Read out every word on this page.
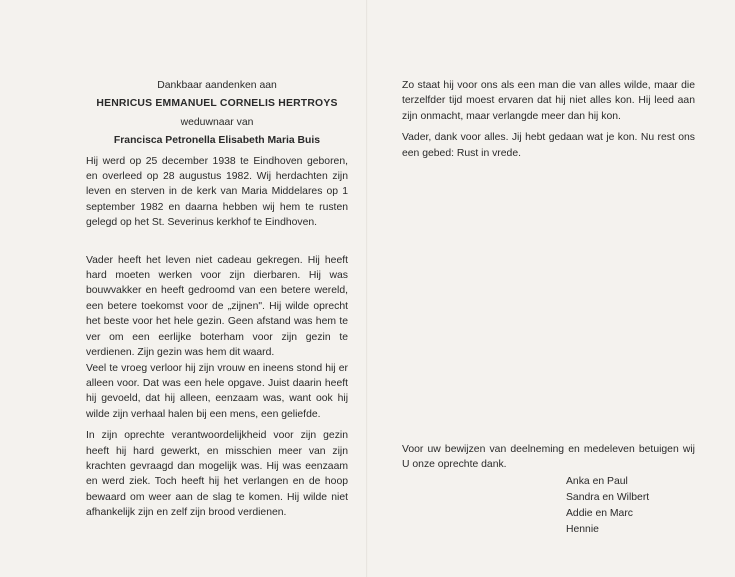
Dankbaar aandenken aan
HENRICUS EMMANUEL CORNELIS HERTROYS
weduwnaar van
Francisca Petronella Elisabeth Maria Buis

Hij werd op 25 december 1938 te Eindhoven geboren, en overleed op 28 augustus 1982. Wij herdachten zijn leven en sterven in de kerk van Maria Middelares op 1 september 1982 en daarna hebben wij hem te rusten gelegd op het St. Severinus kerkhof te Eindhoven.

Vader heeft het leven niet cadeau gekregen. Hij heeft hard moeten werken voor zijn dierbaren. Hij was bouwvakker en heeft gedroomd van een betere wereld, een betere toekomst voor de „zijnen". Hij wilde oprecht het beste voor het hele gezin. Geen afstand was hem te ver om een eerlijke boterham voor zijn gezin te verdienen. Zijn gezin was hem dit waard.

Veel te vroeg verloor hij zijn vrouw en ineens stond hij er alleen voor. Dat was een hele opgave. Juist daarin heeft hij gevoeld, dat hij alleen, eenzaam was, want ook hij wilde zijn verhaal halen bij een mens, een geliefde.

In zijn oprechte verantwoordelijkheid voor zijn gezin heeft hij hard gewerkt, en misschien meer van zijn krachten gevraagd dan mogelijk was. Hij was eenzaam en werd ziek. Toch heeft hij het verlangen en de hoop bewaard om weer aan de slag te komen. Hij wilde niet afhankelijk zijn en zelf zijn brood verdienen.

Zo staat hij voor ons als een man die van alles wilde, maar die terzelfder tijd moest ervaren dat hij niet alles kon. Hij leed aan zijn onmacht, maar verlangde meer dan hij kon.

Vader, dank voor alles. Jij hebt gedaan wat je kon. Nu rest ons een gebed: Rust in vrede.

Voor uw bewijzen van deelneming en medeleven betuigen wij U onze oprechte dank.

Anka en Paul
Sandra en Wilbert
Addie en Marc
Hennie
